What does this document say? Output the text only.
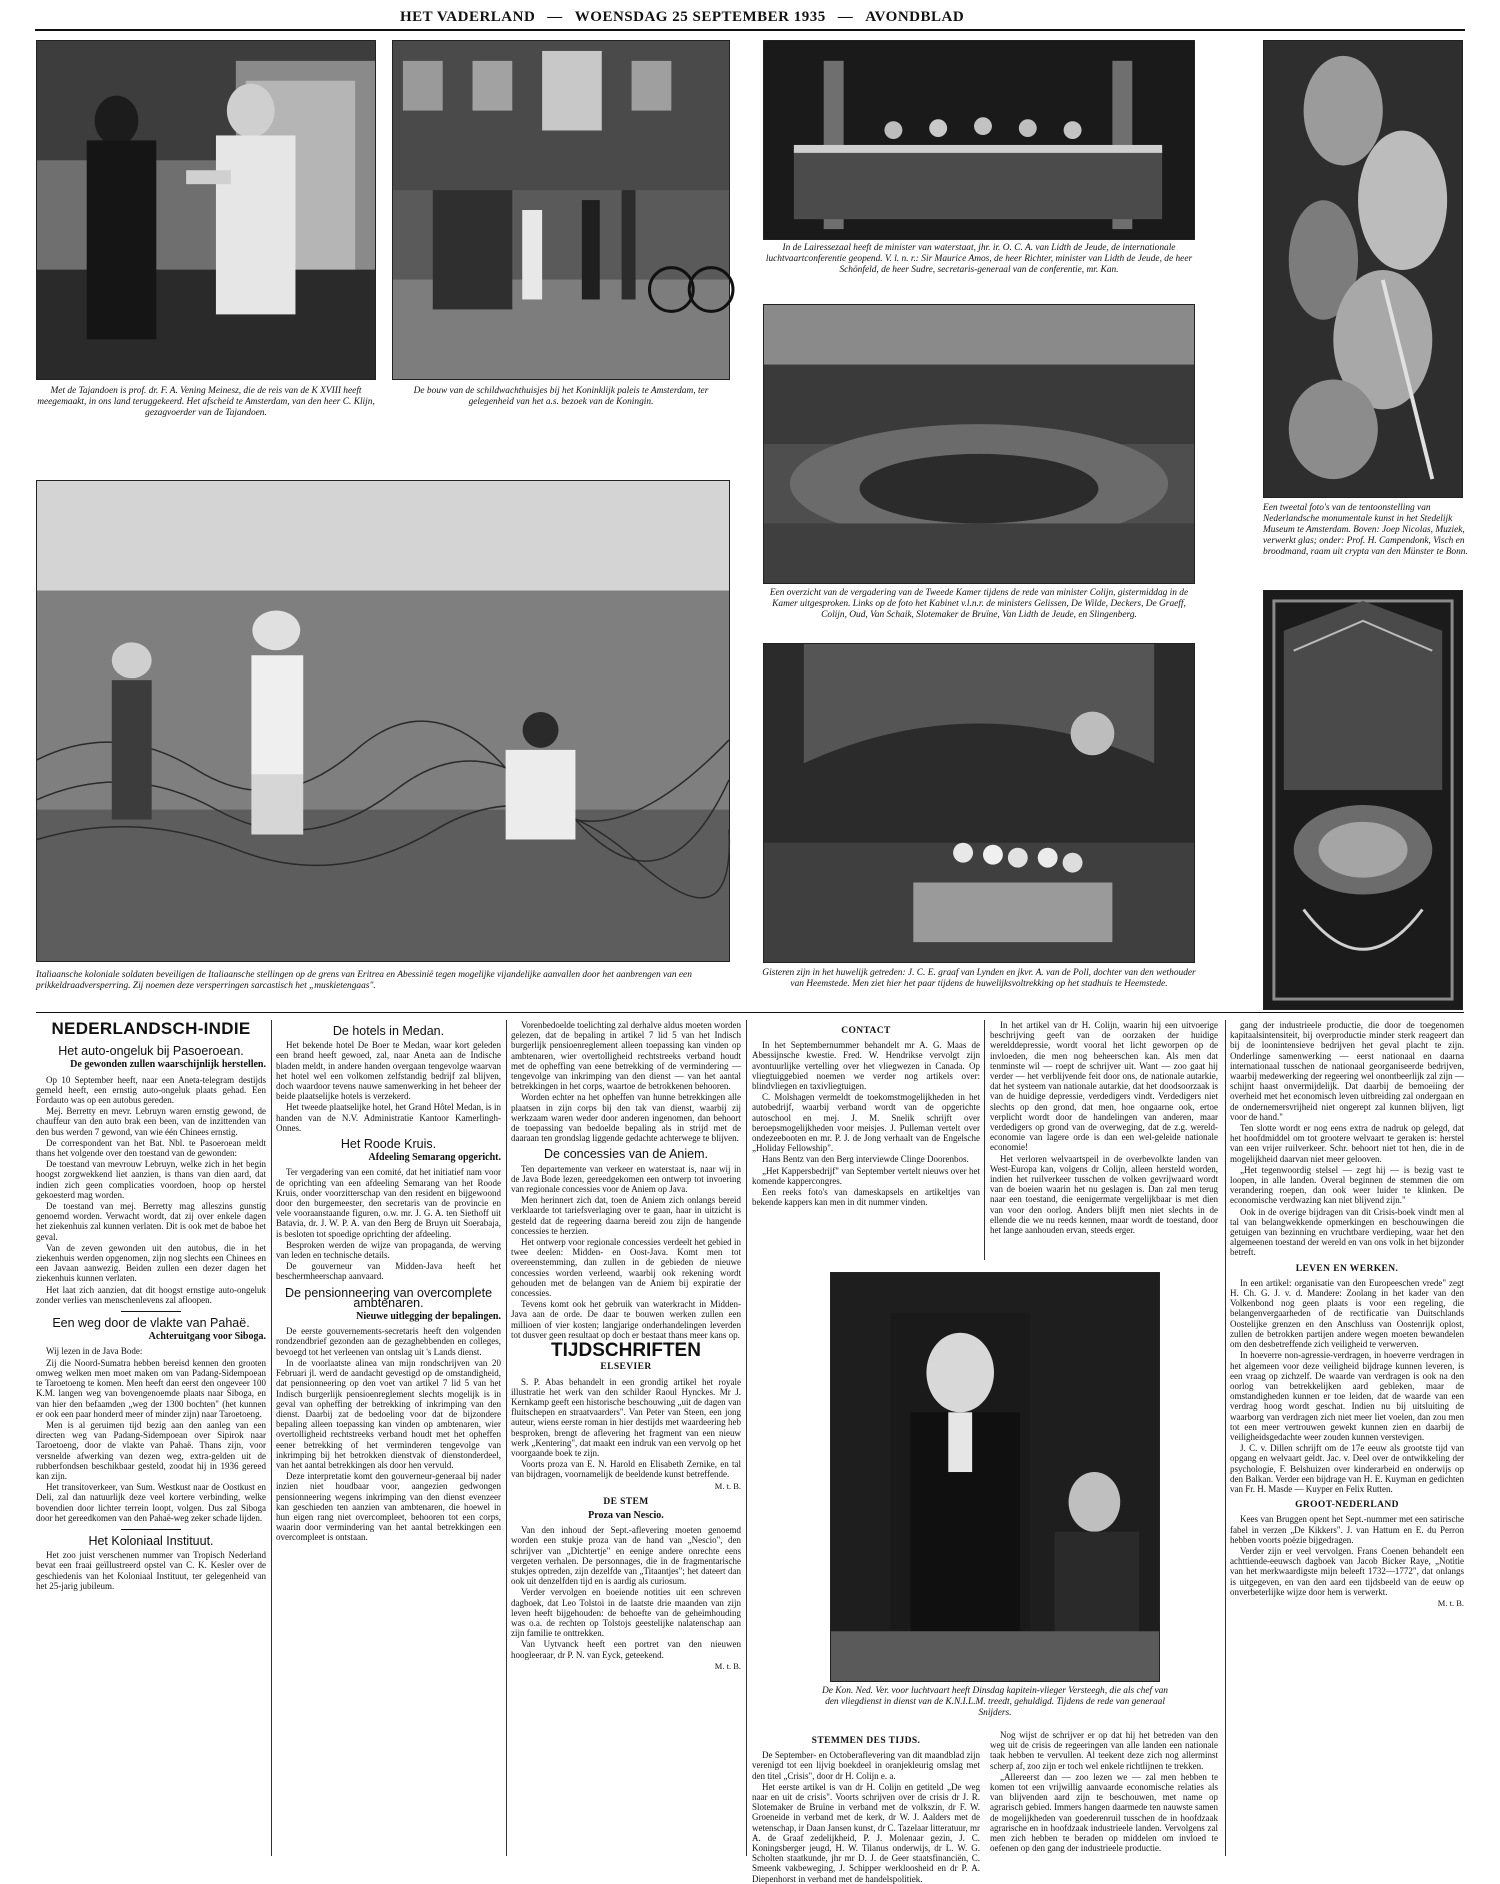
HET VADERLAND — WOENSDAG 25 SEPTEMBER 1935 — AVONDBLAD
Met de Tajandoen is prof. dr. F. A. Vening Meinesz, die de reis van de K XVIII heeft meegemaakt, in ons land teruggekeerd. Het afscheid te Amsterdam, van den heer C. Klijn, gezagvoerder van de Tajandoen.
De bouw van de schildwachthuisjes bij het Koninklijk paleis te Amsterdam, ter gelegenheid van het a.s. bezoek van de Koningin.
In de Lairessezaal heeft de minister van waterstaat, jhr. ir. O. C. A. van Lidth de Jeude, de internationale luchtvaartconferentie geopend. V. l. n. r.: Sir Maurice Amos, de heer Richter, minister van Lidth de Jeude, de heer Schönfeld, de heer Sudre, secretaris-generaal van de conferentie, mr. Kan.
Een overzicht van de vergadering van de Tweede Kamer tijdens de rede van minister Colijn, gistermiddag in de Kamer uitgesproken. Links op de foto het Kabinet v.l.n.r. de ministers Gelissen, De Wilde, Deckers, De Graeff, Colijn, Oud, Van Schaik, Slotemaker de Bruïne, Van Lidth de Jeude, en Slingenberg.
Een tweetal foto's van de tentoonstelling van Nederlandsche monumentale kunst in het Stedelijk Museum te Amsterdam. Boven: Joep Nicolas, Muziek, verwerkt glas; onder: Prof. H. Campendonk, Visch en broodmand, raam uit crypta van den Münster te Bonn.
Italiaansche koloniale soldaten beveiligen de Italiaansche stellingen op de grens van Eritrea en Abessinië tegen mogelijke vijandelijke aanvallen door het aanbrengen van een prikkeldraadversperring. Zij noemen deze versperringen sarcastisch het „muskietengaas".
Gisteren zijn in het huwelijk getreden: J. C. E. graaf van Lynden en jkvr. A. van de Poll, dochter van den wethouder van Heemstede. Men ziet hier het paar tijdens de huwelijksvoltrekking op het stadhuis te Heemstede.
NEDERLANDSCH-INDIE
Het auto-ongeluk bij Pasoeroean.
De gewonden zullen waarschijnlijk herstellen.

Op 10 September heeft, naar een Aneta-telegram destijds gemeld heeft, een ernstig auto-ongeluk plaats gehad. Een Fordauto was op een autobus gereden.

Mej. Berretty en mevr. Lebruyn waren ernstig gewond, de chauffeur van den auto brak een been, van de inzittenden van den bus werden 7 gewond, van wie één Chinees ernstig.

De correspondent van het Bat. Nbl. te Pasoeroean meldt thans het volgende over den toestand van de gewonden:

De toestand van mevrouw Lebruyn, welke zich in het begin hoogst zorgwekkend liet aanzien, is thans van dien aard, dat indien zich geen complicaties voordoen, hoop op herstel gekoesterd mag worden.

De toestand van mej. Berretty mag alleszins gunstig genoemd worden. Verwacht wordt, dat zij over enkele dagen het ziekenhuis zal kunnen verlaten. Dit is ook met de baboe het geval.

Van de zeven gewonden uit den autobus, die in het ziekenhuis werden opgenomen, zijn nog slechts een Chinees en een Javaan aanwezig. Beiden zullen een dezer dagen het ziekenhuis kunnen verlaten.

Het laat zich aanzien, dat dit hoogst ernstige auto-ongeluk zonder verlies van menschenlevens zal afloopen.

Een weg door de vlakte van Pahaë.
Achteruitgang voor Siboga.

Wij lezen in de Java Bode:

Zij die Noord-Sumatra hebben bereisd kennen den grooten omweg welken men moet maken om van Padang-Sidempoean te Taroetoeng te komen. Men heeft dan eerst den ongeveer 100 K.M. langen weg van bovengenoemde plaats naar Siboga, en van hier den befaamden „weg der 1300 bochten" (het kunnen er ook een paar honderd meer of minder zijn) naar Taroetoeng.

Men is al geruimen tijd bezig aan den aanleg van een directen weg van Padang-Sidempoean over Sipirok naar Taroetoeng, door de vlakte van Pahaë. Thans zijn, voor versnelde afwerking van dezen weg, extra-gelden uit de rubberfondsen beschikbaar gesteld, zoodat hij in 1936 gereed kan zijn.

Het transitoverkeer, van Sum. Westkust naar de Oostkust en Deli, zal dan natuurlijk deze veel kortere verbinding, welke bovendien door lichter terrein loopt, volgen. Dus zal Siboga door het gereedkomen van den Pahaë-weg zeker schade lijden.

Het Koloniaal Instituut.

Het zoo juist verschenen nummer van Tropisch Nederland bevat een fraai geïllustreerd opstel van C. K. Kesler over de geschiedenis van het Koloniaal Instituut, ter gelegenheid van het 25-jarig jubileum.

De hotels in Medan.

Het bekende hotel De Boer te Medan, waar kort geleden een brand heeft gewoed, zal, naar Aneta aan de Indische bladen meldt, in andere handen overgaan tengevolge waarvan het hotel wel een volkomen zelfstandig bedrijf zal blijven, doch waardoor tevens nauwe samenwerking in het beheer der beide plaatselijke hotels is verzekerd.

Het tweede plaatselijke hotel, het Grand Hôtel Medan, is in handen van de N.V. Administratie Kantoor Kamerlingh-Onnes.

Het Roode Kruis.
Afdeeling Semarang opgericht.

Ter vergadering van een comité, dat het initiatief nam voor de oprichting van een afdeeling Semarang van het Roode Kruis, onder voorzitterschap van den resident en bijgewoond door den burgemeester, den secretaris van de provincie en vele vooraanstaande figuren, o.w. mr. J. G. A. ten Siethoff uit Batavia, dr. J. W. P. A. van den Berg de Bruyn uit Soerabaja, is besloten tot spoedige oprichting der afdeeling.

Besproken werden de wijze van propaganda, de werving van leden en technische details.

De gouverneur van Midden-Java heeft het beschermheerschap aanvaard.

De pensionneering van overcomplete ambtenaren.
Nieuwe uitlegging der bepalingen.

De eerste gouvernements-secretaris heeft den volgenden rondzendbrief gezonden aan de gezaghebbenden en colleges, bevoegd tot het verleenen van ontslag uit 's Lands dienst.

In de voorlaatste alinea van mijn rondschrijven van 20 Februari jl. werd de aandacht gevestigd op de omstandigheid, dat pensionneering op den voet van artikel 7 lid 5 van het Indisch burgerlijk pensioenreglement slechts mogelijk is in geval van opheffing der betrekking of inkrimping van den dienst. Daarbij zat de bedoeling voor dat de bijzondere bepaling alleen toepassing kan vinden op ambtenaren, wier overtolligheid rechtstreeks verband houdt met het opheffen eener betrekking of het verminderen tengevolge van inkrimping bij het betrokken dienstvak of dienstonderdeel, van het aantal betrekkingen als door hen vervuld.

Deze interpretatie komt den gouverneur-generaal bij nader inzien niet houdbaar voor, aangezien gedwongen pensionneering wegens inkrimping van den dienst evenzeer kan geschieden ten aanzien van ambtenaren, die hoewel in hun eigen rang niet overcompleet, behooren tot een corps, waarin door vermindering van het aantal betrekkingen een overcompleet is ontstaan.

Vorenbedoelde toelichting zal derhalve aldus moeten worden gelezen, dat de bepaling in artikel 7 lid 5 van het Indisch burgerlijk pensioenreglement alleen toepassing kan vinden op ambtenaren, wier overtolligheid rechtstreeks verband houdt met de opheffing van eene betrekking of de vermindering — tengevolge van inkrimping van den dienst — van het aantal betrekkingen in het corps, waartoe de betrokkenen behooren.

Worden echter na het opheffen van hunne betrekkingen alle plaatsen in zijn corps bij den tak van dienst, waarbij zij werkzaam waren weder door anderen ingenomen, dan behoort de toepassing van bedoelde bepaling als in strijd met de daaraan ten grondslag liggende gedachte achterwege te blijven.

De concessies van de Aniem.

Ten departemente van verkeer en waterstaat is, naar wij in de Java Bode lezen, gereedgekomen een ontwerp tot invoering van regionale concessies voor de Aniem op Java.

Men herinnert zich dat, toen de Aniem zich onlangs bereid verklaarde tot tariefsverlaging over te gaan, haar in uitzicht is gesteld dat de regeering daarna bereid zou zijn de hangende concessies te herzien.

Het ontwerp voor regionale concessies verdeelt het gebied in twee deelen: Midden- en Oost-Java. Komt men tot overeenstemming, dan zullen in de gebieden de nieuwe concessies worden verleend, waarbij ook rekening wordt gehouden met de belangen van de Aniem bij expiratie der concessies.

Tevens komt ook het gebruik van waterkracht in Midden-Java aan de orde. De daar te bouwen werken zullen een millioen of vier kosten; langjarige onderhandelingen leverden tot dusver geen resultaat op doch er bestaat thans meer kans op.

TIJDSCHRIFTEN
ELSEVIER

S. P. Abas behandelt in een grondig artikel het royale illustratie het werk van den schilder Raoul Hynckes. Mr J. Kernkamp geeft een historische beschouwing „uit de dagen van fluitschepen en straatvaarders". Van Peter van Steen, een jong auteur, wiens eerste roman in hier destijds met waardeering heb besproken, brengt de aflevering het fragment van een nieuw werk „Kentering", dat maakt een indruk van een vervolg op het voorgaande boek te zijn.

Voorts proza van E. N. Harold en Elisabeth Zernike, en tal van bijdragen, voornamelijk de beeldende kunst betreffende.

M. t. B.
DE STEM
Proza van Nescio.

Van den inhoud der Sept.-aflevering moeten genoemd worden een stukje proza van de hand van „Nescio", den schrijver van „Dichtertje" en eenige andere onrechte eens vergeten verhalen. De personnages, die in de fragmentarische stukjes optreden, zijn dezelfde van „Titaantjes"; het dateert dan ook uit denzelfden tijd en is aardig als curiosum.

Verder vervolgen en boeiende notities uit een schreven dagboek, dat Leo Tolstoi in de laatste drie maanden van zijn leven heeft bijgehouden: de behoefte van de geheimhouding was o.a. de rechten op Tolstojs geestelijke nalatenschap aan zijn familie te onttrekken.

Van Uytvanck heeft een portret van den nieuwen hoogleeraar, dr P. N. van Eyck, geteekend.

M. t. B.
CONTACT

In het Septembernummer behandelt mr A. G. Maas de Abessijnsche kwestie. Fred. W. Hendrikse vervolgt zijn avontuurlijke vertelling over het vliegwezen in Canada. Op vliegtuiggebied noemen we verder nog artikels over: blindvliegen en taxivliegtuigen.

C. Molshagen vermeldt de toekomstmogelijkheden in het autobedrijf, waarbij verband wordt van de opgerichte autoschool en mej. J. M. Snelik schrijft over beroepsmogelijkheden voor meisjes. J. Pulleman vertelt over ondezeebooten en mr. P. J. de Jong verhaalt van de Engelsche „Holiday Fellowship".

Hans Bentz van den Berg interviewde Clinge Doorenbos.

„Het Kappersbedrijf" van September vertelt nieuws over het komende kappercongres.

Een reeks foto's van dameskapsels en artikeltjes van bekende kappers kan men in dit nummer vinden.

In het artikel van dr H. Colijn, waarin hij een uitvoerige beschrijving geeft van de oorzaken der huidige werelddepressie, wordt vooral het licht geworpen op de invloeden, die men nog beheerschen kan. Als men dat tenminste wil — roept de schrijver uit. Want — zoo gaat hij verder — het verblijvende feit door ons, de nationale autarkie, dat het systeem van nationale autarkie, dat het doodsoorzaak is van de huidige depressie, verdedigers vindt. Verdedigers niet slechts op den grond, dat men, hoe ongaarne ook, ertoe verplicht wordt door de handelingen van anderen, maar verdedigers op grond van de overweging, dat de z.g. wereld-economie van lagere orde is dan een wel-geleide nationale economie!

Het verloren welvaartspeil in de overbevolkte landen van West-Europa kan, volgens dr Colijn, alleen hersteld worden, indien het ruilverkeer tusschen de volken gevrijwaard wordt van de boeien waarin het nu geslagen is. Dan zal men terug naar een toestand, die eenigermate vergelijkbaar is met dien van voor den oorlog. Anders blijft men niet slechts in de ellende die we nu reeds kennen, maar wordt de toestand, door het lange aanhouden ervan, steeds erger.

De Kon. Ned. Ver. voor luchtvaart heeft Dinsdag kapitein-vlieger Versteegh, die als chef van den vliegdienst in dienst van de K.N.I.L.M. treedt, gehuldigd. Tijdens de rede van generaal Snijders.
STEMMEN DES TIJDS.

De September- en Octoberaflevering van dit maandblad zijn verenigd tot een lijvig boekdeel in oranjekleurig omslag met den titel „Crisis", door dr H. Colijn e. a.

Het eerste artikel is van dr H. Colijn en getiteld „De weg naar en uit de crisis". Voorts schrijven over de crisis dr J. R. Slotemaker de Bruïne in verband met de volkszin, dr F. W. Groeneide in verband met de kerk, dr W. J. Aalders met de wetenschap, ir Daan Jansen kunst, dr C. Tazelaar litteratuur, mr A. de Graaf zedelijkheid, P. J. Molenaar gezin, J. C. Koningsberger jeugd, H. W. Tilanus onderwijs, dr L. W. G. Scholten staatkunde, jhr mr D. J. de Geer staatsfinanciën, C. Smeenk vakbeweging, J. Schipper werkloosheid en dr P. A. Diepenhorst in verband met de handelspolitiek.

Nog wijst de schrijver er op dat hij het betreden van den weg uit de crisis de regeeringen van alle landen een nationale taak hebben te vervullen. Al teekent deze zich nog allerminst scherp af, zoo zijn er toch wel enkele richtlijnen te trekken.

„Allereerst dan — zoo lezen we — zal men hebben te komen tot een vrijwillig aanvaarde economische relaties als van blijvenden aard zijn te beschouwen, met name op agrarisch gebied. Immers hangen daarmede ten nauwste samen de mogelijkheden van goederenruil tusschen de in hoofdzaak agrarische en in hoofdzaak industrieele landen. Vervolgens zal men zich hebben te beraden op middelen om invloed te oefenen op den gang der industrieele productie.

gang der industrieele productie, die door de toegenomen kapitaalsintensiteit, bij overproductie minder sterk reageert dan bij de loonintensieve bedrijven het geval placht te zijn. Onderlinge samenwerking — eerst nationaal en daarna internationaal tusschen de nationaal georganiseerde bedrijven, waarbij medewerking der regeering wel onontbeerlijk zal zijn — schijnt haast onvermijdelijk. Dat daarbij de bemoeiing der overheid met het economisch leven uitbreiding zal ondergaan en de ondernemersvrijheid niet ongerept zal kunnen blijven, ligt voor de hand."

Ten slotte wordt er nog eens extra de nadruk op gelegd, dat het hoofdmiddel om tot grootere welvaart te geraken is: herstel van een vrijer ruilverkeer. Schr. behoort niet tot hen, die in de mogelijkheid daarvan niet meer gelooven.

„Het tegenwoordig stelsel — zegt hij — is bezig vast te loopen, in alle landen. Overal beginnen de stemmen die om verandering roepen, dan ook weer luider te klinken. De economische verdwazing kan niet blijvend zijn."

Ook in de overige bijdragen van dit Crisis-boek vindt men al tal van belangwekkende opmerkingen en beschouwingen die getuigen van bezinning en vruchtbare verdieping, waar het den algemeenen toestand der wereld en van ons volk in het bijzonder betreft.

LEVEN EN WERKEN.

In een artikel: organisatie van den Europeeschen vrede" zegt H. Ch. G. J. v. d. Mandere: Zoolang in het kader van den Volkenbond nog geen plaats is voor een regeling, die belangenvergaarheden of de rectificatie van Duitschlands Oostelijke grenzen en den Anschluss van Oostenrijk oplost, zullen de betrokken partijen andere wegen moeten bewandelen om den desbetreffende zich veiligheid te verwerven.

In hoeverre non-agressie-verdragen, in hoeverre verdragen in het algemeen voor deze veiligheid bijdrage kunnen leveren, is een vraag op zichzelf. De waarde van verdragen is ook na den oorlog van betrekkelijken aard gebleken, maar de omstandigheden kunnen er toe leiden, dat de waarde van een verdrag hoog wordt geschat. Indien nu bij uitsluiting de waarborg van verdragen zich niet meer liet voelen, dan zou men tot een meer vertrouwen gewekt kunnen zien en daarbij de veiligheidsgedachte weer zouden kunnen verstevigen.

J. C. v. Dillen schrijft om de 17e eeuw als grootste tijd van opgang en welvaart geldt. Jac. v. Deel over de ontwikkeling der psychologie, F. Belshuizen over kinderarbeid en onderwijs op den Balkan. Verder een bijdrage van H. E. Kuyman en gedichten van Fr. H. Masde — Kuyper en Felix Rutten.

GROOT-NEDERLAND

Kees van Bruggen opent het Sept.-nummer met een satirische fabel in verzen „De Kikkers". J. van Hattum en E. du Perron hebben voorts poëzie bijgedragen.

Verder zijn er veel vervolgen. Frans Coenen behandelt een achttiende-eeuwsch dagboek van Jacob Bicker Raye, „Notitie van het merkwaardigste mijn beleeft 1732—1772", dat onlangs is uitgegeven, en van den aard een tijdsbeeld van de eeuw op onverbeterlijke wijze door hem is verwerkt.

M. t. B.
